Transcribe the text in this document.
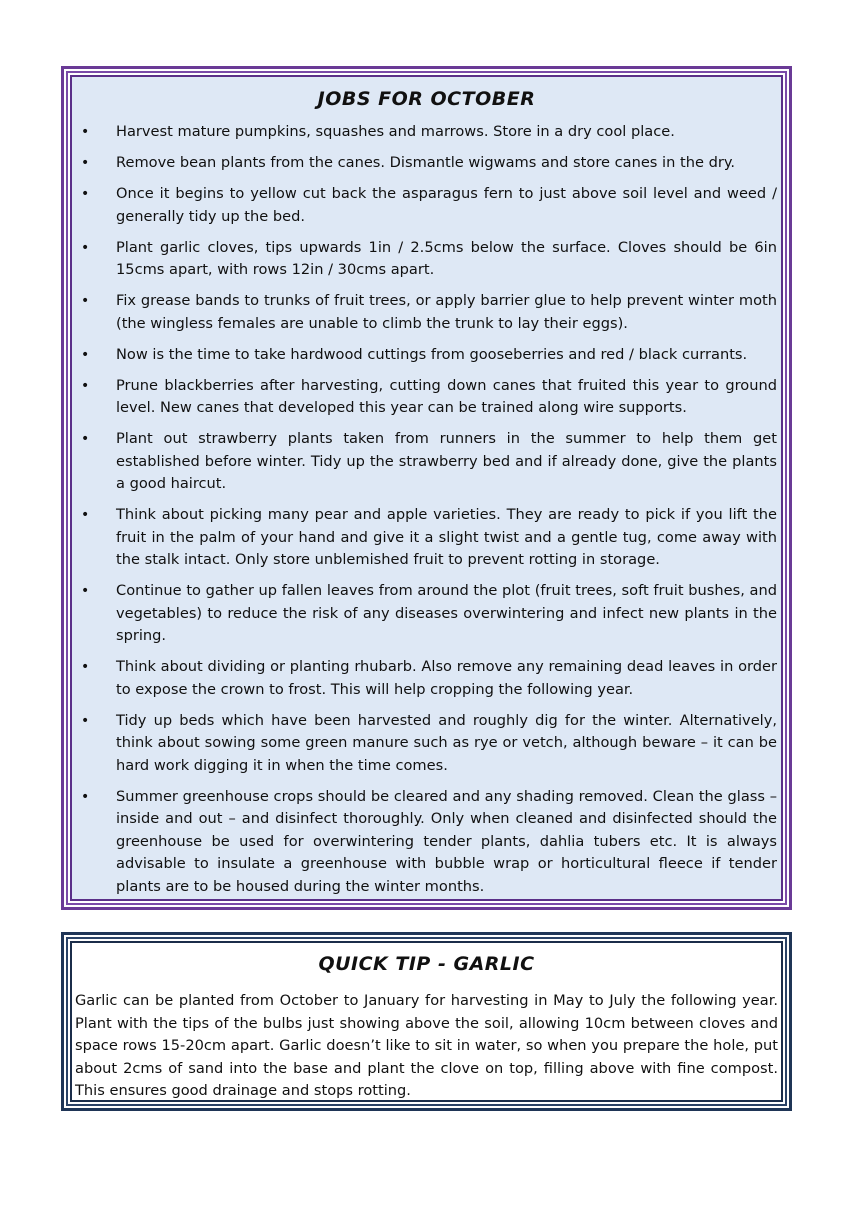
JOBS FOR OCTOBER
• Harvest mature pumpkins, squashes and marrows. Store in a dry cool place.
• Remove bean plants from the canes. Dismantle wigwams and store canes in the dry.
• Once it begins to yellow cut back the asparagus fern to just above soil level and weed / generally tidy up the bed.
• Plant garlic cloves, tips upwards 1in / 2.5cms below the surface. Cloves should be 6in 15cms apart, with rows 12in / 30cms apart.
• Fix grease bands to trunks of fruit trees, or apply barrier glue to help prevent winter moth (the wingless females are unable to climb the trunk to lay their eggs).
• Now is the time to take hardwood cuttings from gooseberries and red / black currants.
• Prune blackberries after harvesting, cutting down canes that fruited this year to ground level. New canes that developed this year can be trained along wire supports.
• Plant out strawberry plants taken from runners in the summer to help them get established before winter. Tidy up the strawberry bed and if already done, give the plants a good haircut.
• Think about picking many pear and apple varieties. They are ready to pick if you lift the fruit in the palm of your hand and give it a slight twist and a gentle tug, come away with the stalk intact. Only store unblemished fruit to prevent rotting in storage.
• Continue to gather up fallen leaves from around the plot (fruit trees, soft fruit bushes, and vegetables) to reduce the risk of any diseases overwintering and infect new plants in the spring.
• Think about dividing or planting rhubarb. Also remove any remaining dead leaves in order to expose the crown to frost. This will help cropping the following year.
• Tidy up beds which have been harvested and roughly dig for the winter. Alternatively, think about sowing some green manure such as rye or vetch, although beware – it can be hard work digging it in when the time comes.
• Summer greenhouse crops should be cleared and any shading removed. Clean the glass – inside and out – and disinfect thoroughly. Only when cleaned and disinfected should the greenhouse be used for overwintering tender plants, dahlia tubers etc. It is always advisable to insulate a greenhouse with bubble wrap or horticultural fleece if tender plants are to be housed during the winter months.
QUICK TIP - GARLIC
Garlic can be planted from October to January for harvesting in May to July the following year. Plant with the tips of the bulbs just showing above the soil, allowing 10cm between cloves and space rows 15-20cm apart. Garlic doesn’t like to sit in water, so when you prepare the hole, put about 2cms of sand into the base and plant the clove on top, filling above with fine compost. This ensures good drainage and stops rotting.
